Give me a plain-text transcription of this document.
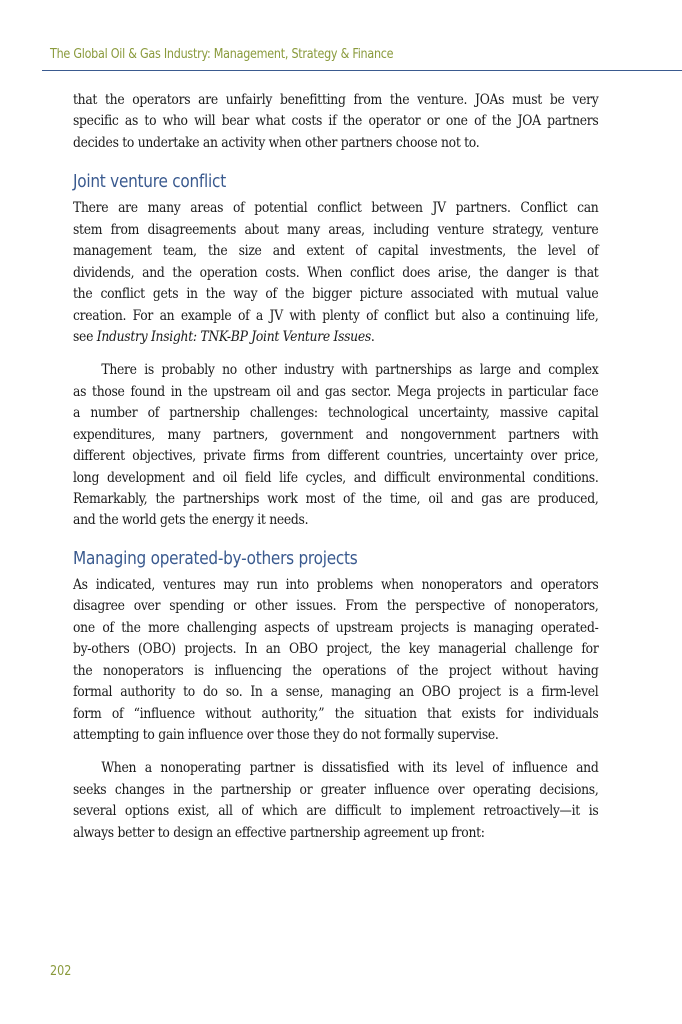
The Global Oil & Gas Industry: Management, Strategy & Finance
that the operators are unfairly benefitting from the venture. JOAs must be very
specific as to who will bear what costs if the operator or one of the JOA partners
decides to undertake an activity when other partners choose not to.
Joint venture conflict
There are many areas of potential conflict between JV partners. Conflict can
stem from disagreements about many areas, including venture strategy, venture
management team, the size and extent of capital investments, the level of
dividends, and the operation costs. When conflict does arise, the danger is that
the conflict gets in the way of the bigger picture associated with mutual value
creation. For an example of a JV with plenty of conflict but also a continuing life,
see Industry Insight: TNK-BP Joint Venture Issues.
There is probably no other industry with partnerships as large and complex
as those found in the upstream oil and gas sector. Mega projects in particular face
a number of partnership challenges: technological uncertainty, massive capital
expenditures, many partners, government and nongovernment partners with
different objectives, private firms from different countries, uncertainty over price,
long development and oil field life cycles, and difficult environmental conditions.
Remarkably, the partnerships work most of the time, oil and gas are produced,
and the world gets the energy it needs.
Managing operated-by-others projects
As indicated, ventures may run into problems when nonoperators and operators
disagree over spending or other issues. From the perspective of nonoperators,
one of the more challenging aspects of upstream projects is managing operated-
by-others (OBO) projects. In an OBO project, the key managerial challenge for
the nonoperators is influencing the operations of the project without having
formal authority to do so. In a sense, managing an OBO project is a firm-level
form of “influence without authority,” the situation that exists for individuals
attempting to gain influence over those they do not formally supervise.
When a nonoperating partner is dissatisfied with its level of influence and
seeks changes in the partnership or greater influence over operating decisions,
several options exist, all of which are difficult to implement retroactively—it is
always better to design an effective partnership agreement up front:
202
